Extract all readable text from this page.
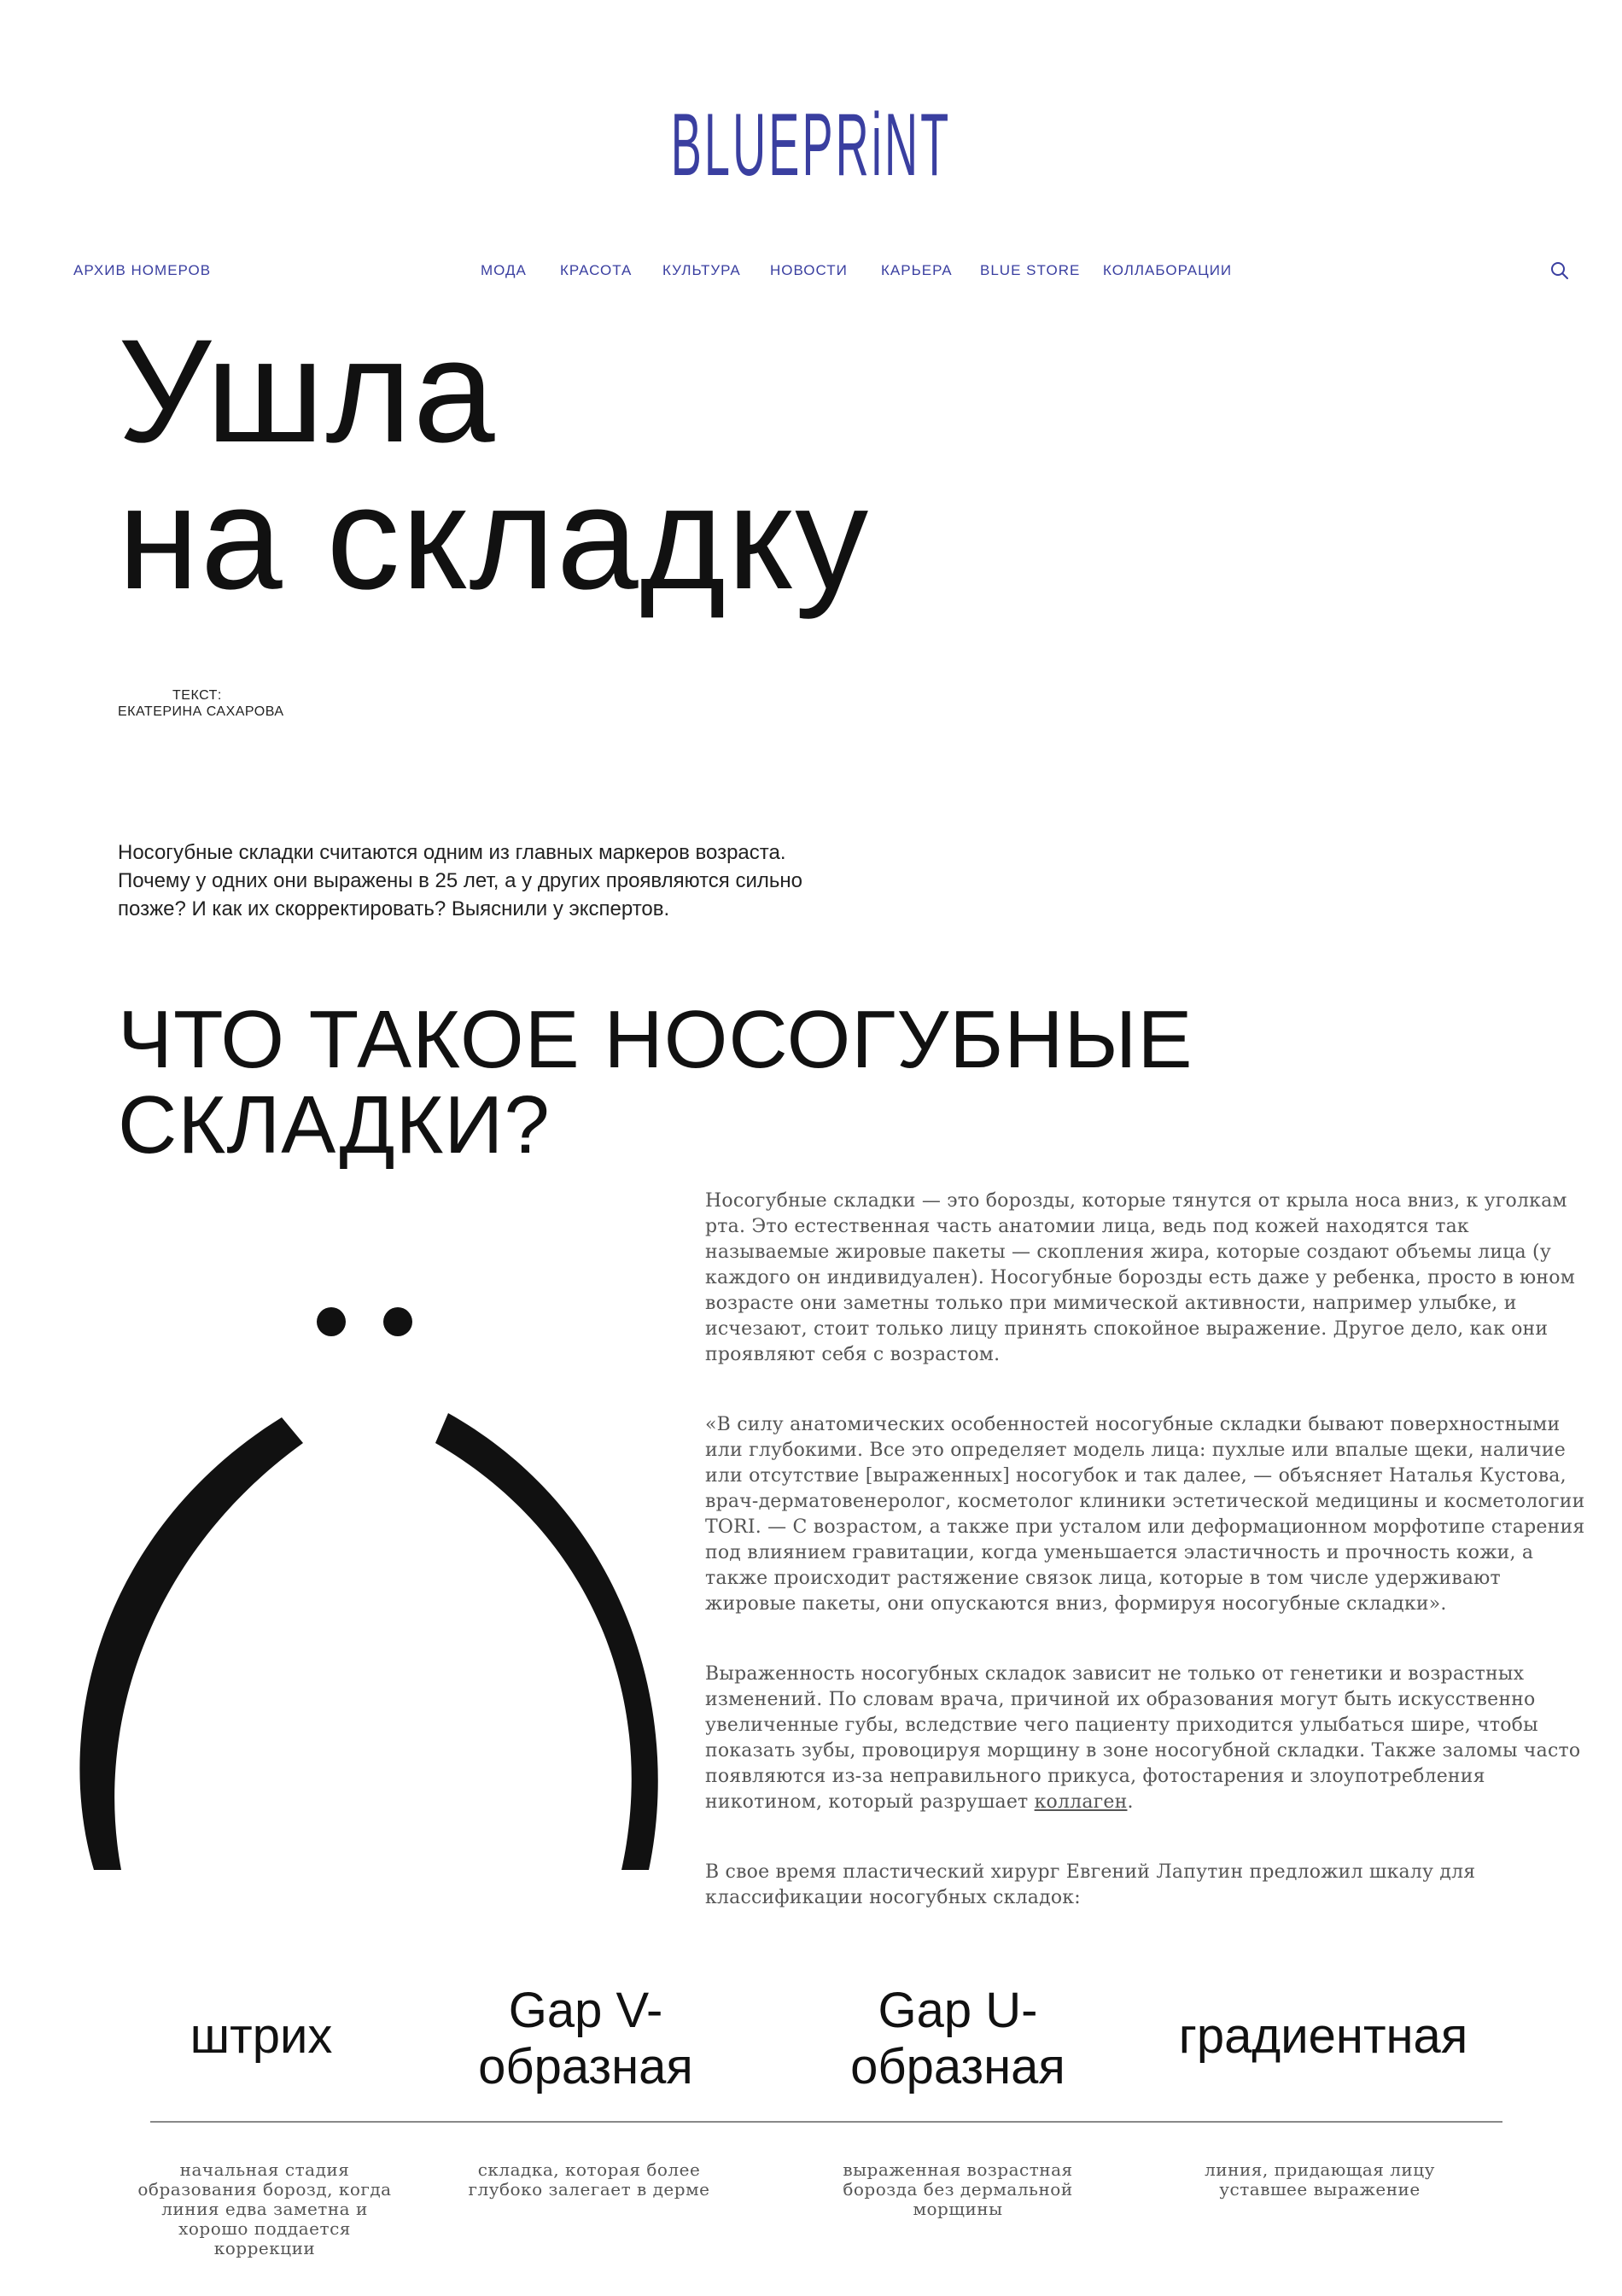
BLUEPRiNT
АРХИВ НОМЕРОВ	МОДА КРАСОТА КУЛЬТУРА НОВОСТИ КАРЬЕРА BLUE STORE КОЛЛАБОРАЦИИ
Ушла
на складку
ТЕКСТ:
ЕКАТЕРИНА САХАРОВА

Носогубные складки считаются одним из главных маркеров возраста. Почему у одних они выражены в 25 лет, а у других проявляются сильно позже? И как их скорректировать? Выяснили у экспертов.

ЧТО ТАКОЕ НОСОГУБНЫЕ
СКЛАДКИ?

Носогубные складки — это борозды, которые тянутся от крыла носа вниз, к уголкам рта. Это естественная часть анатомии лица, ведь под кожей находятся так называемые жировые пакеты — скопления жира, которые создают объемы лица (у каждого он индивидуален). Носогубные борозды есть даже у ребенка, просто в юном возрасте они заметны только при мимической активности, например улыбке, и исчезают, стоит только лицу принять спокойное выражение. Другое дело, как они проявляют себя с возрастом.

«В силу анатомических особенностей носогубные складки бывают поверхностными или глубокими. Все это определяет модель лица: пухлые или впалые щеки, наличие или отсутствие [выраженных] носогубок и так далее, — объясняет Наталья Кустова, врач-дерматовенеролог, косметолог клиники эстетической медицины и косметологии TORI. — С возрастом, а также при усталом или деформационном морфотипе старения под влиянием гравитации, когда уменьшается эластичность и прочность кожи, а также происходит растяжение связок лица, которые в том числе удерживают жировые пакеты, они опускаются вниз, формируя носогубные складки».

Выраженность носогубных складок зависит не только от генетики и возрастных изменений. По словам врача, причиной их образования могут быть искусственно увеличенные губы, вследствие чего пациенту приходится улыбаться шире, чтобы показать зубы, провоцируя морщину в зоне носогубной складки. Также заломы часто появляются из-за неправильного прикуса, фотостарения и злоупотребления никотином, который разрушает коллаген.

В свое время пластический хирург Евгений Лапутин предложил шкалу для классификации носогубных складок:

штрих	Gap V-
образная
Gap U-
образная
градиентная
начальная стадия образования борозд, когда линия едва заметна и хорошо поддается коррекции
складка, которая более глубоко залегает в дерме
выраженная возрастная борозда без дермальной морщины
линия, придающая лицу уставшее выражение
